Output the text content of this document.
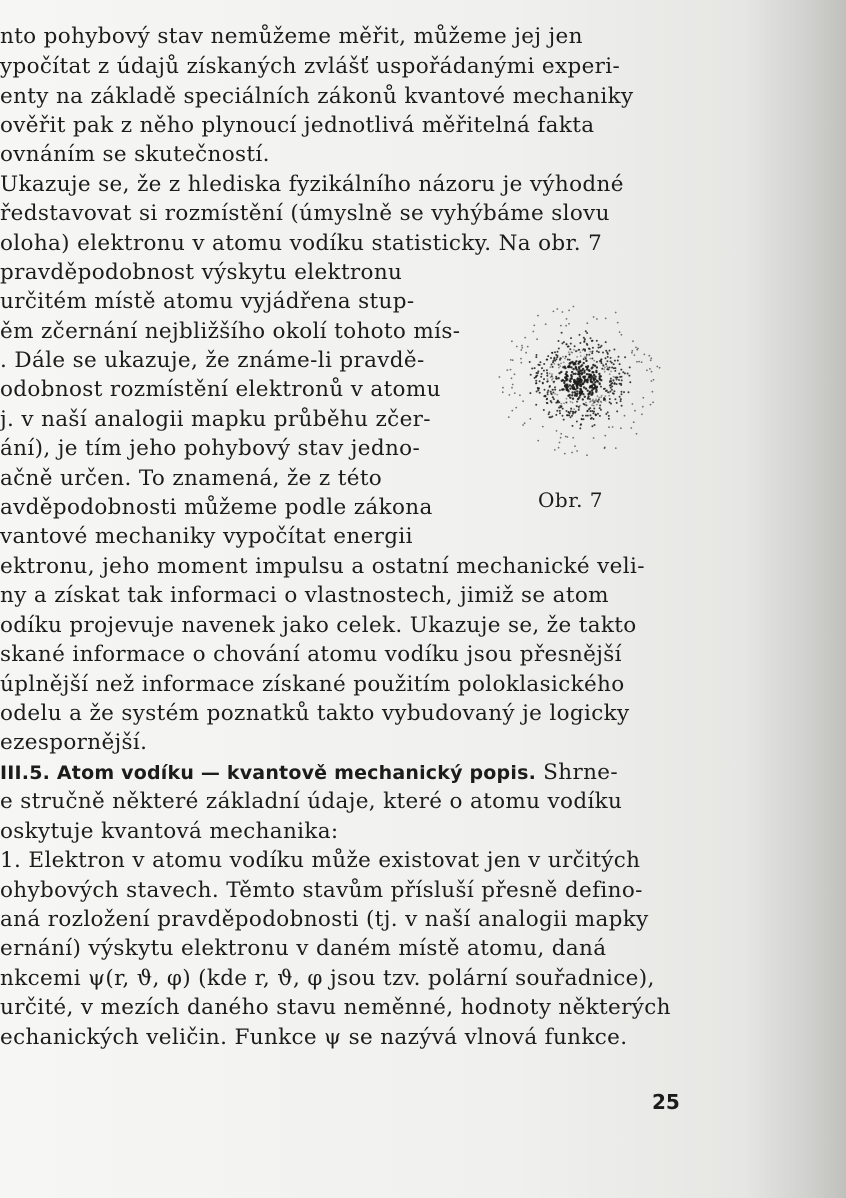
nto pohybový stav nemůžeme měřit, můžeme jej jen

ypočítat z údajů získaných zvlášť uspořádanými experi-

enty na základě speciálních zákonů kvantové mechaniky

ověřit pak z něho plynoucí jednotlivá měřitelná fakta

ovnáním se skutečností.

Ukazuje se, že z hlediska fyzikálního názoru je výhodné

ředstavovat si rozmístění (úmyslně se vyhýbáme slovu

oloha) elektronu v atomu vodíku statisticky. Na obr. 7

pravděpodobnost výskytu elektronu

určitém místě atomu vyjádřena stup-

ěm zčernání nejbližšího okolí tohoto mís-

. Dále se ukazuje, že známe-li pravdě-

odobnost rozmístění elektronů v atomu

j. v naší analogii mapku průběhu zčer-

ání), je tím jeho pohybový stav jedno-

ačně určen. To znamená, že z této

avděpodobnosti můžeme podle zákona

vantové mechaniky vypočítat energii

ektronu, jeho moment impulsu a ostatní mechanické veli-

ny a získat tak informaci o vlastnostech, jimiž se atom

odíku projevuje navenek jako celek. Ukazuje se, že takto

skané informace o chování atomu vodíku jsou přesnější

úplnější než informace získané použitím poloklasického

odelu a že systém poznatků takto vybudovaný je logicky

ezespornější.

III.5. Atom vodíku — kvantově mechanický popis. Shrne-

e stručně některé základní údaje, které o atomu vodíku

oskytuje kvantová mechanika:

1. Elektron v atomu vodíku může existovat jen v určitých

ohybových stavech. Těmto stavům přísluší přesně defino-

aná rozložení pravděpodobnosti (tj. v naší analogii mapky

ernání) výskytu elektronu v daném místě atomu, daná

nkcemi ψ(r, ϑ, φ) (kde r, ϑ, φ jsou tzv. polární souřadnice),

určité, v mezích daného stavu neměnné, hodnoty některých

echanických veličin. Funkce ψ se nazývá vlnová funkce.

Obr. 7
25
